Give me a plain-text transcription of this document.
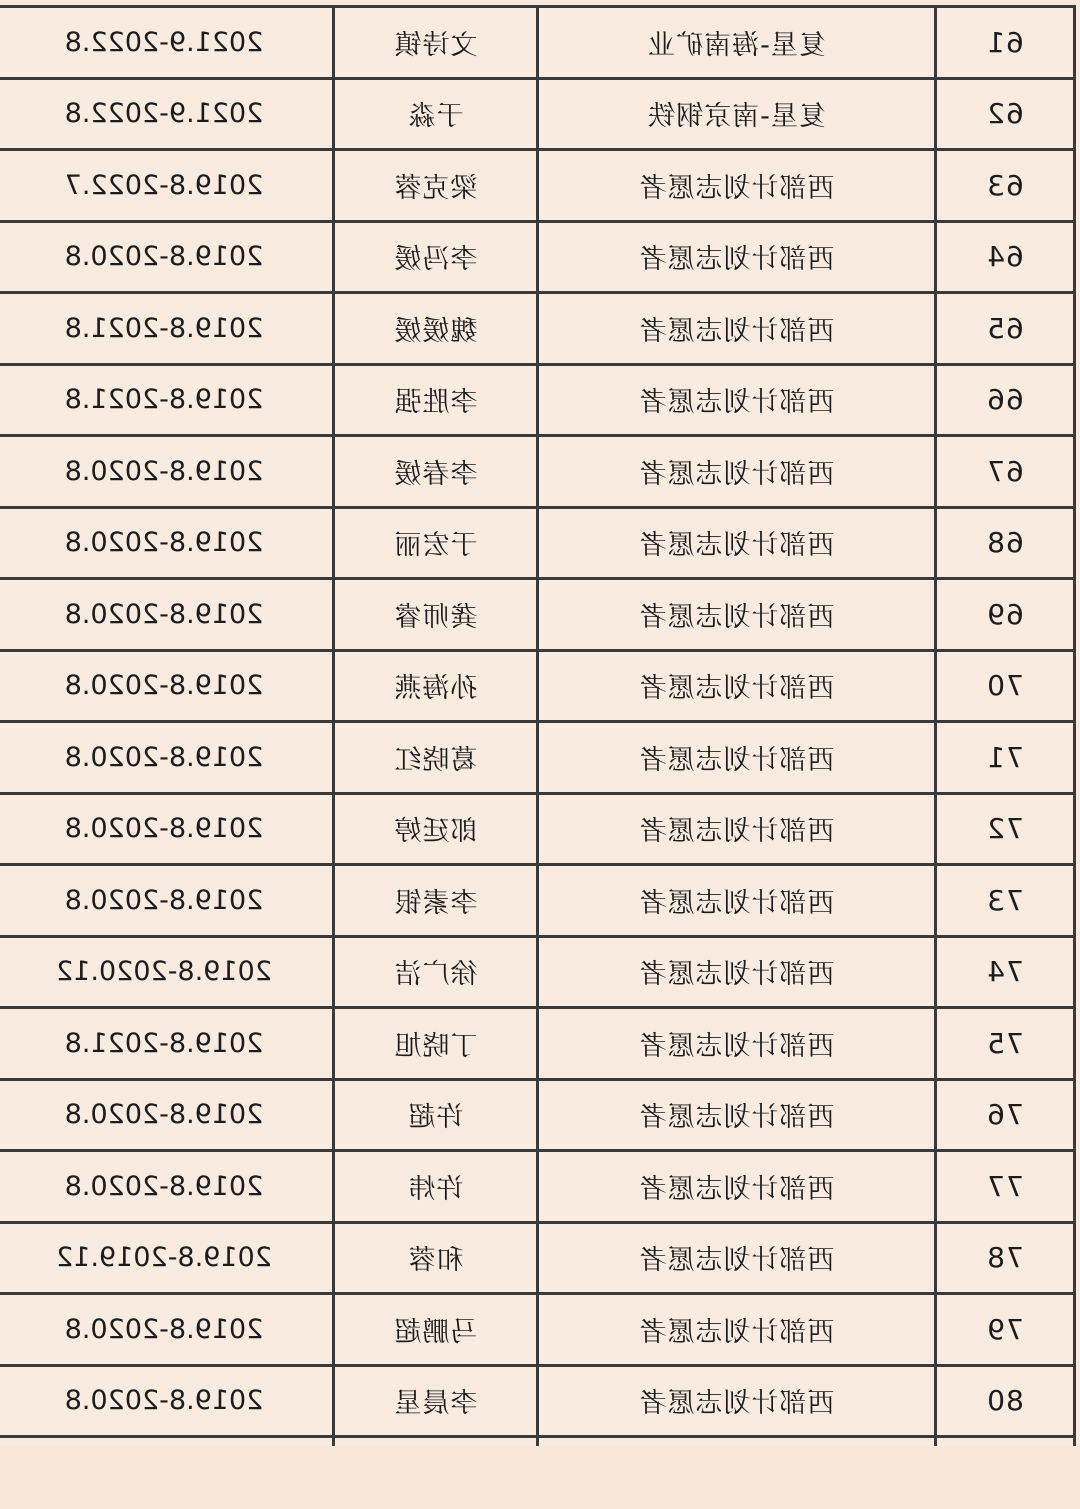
61	复星-海南矿业	文诗镇	2021.9-2022.8
62	复星-南京钢铁	于淼	2021.9-2022.8
63	西部计划志愿者	梁克蓉	2019.8-2022.7
64	西部计划志愿者	李冯媛	2019.8-2020.8
65	西部计划志愿者	魏媛媛	2019.8-2021.8
66	西部计划志愿者	李胜强	2019.8-2021.8
67	西部计划志愿者	李春媛	2019.8-2020.8
68	西部计划志愿者	于宏丽	2019.8-2020.8
69	西部计划志愿者	龚师睿	2019.8-2020.8
70	西部计划志愿者	孙海燕	2019.8-2020.8
71	西部计划志愿者	葛晓红	2019.8-2020.8
72	西部计划志愿者	郎廷婷	2019.8-2020.8
73	西部计划志愿者	李素银	2019.8-2020.8
74	西部计划志愿者	徐广洁	2019.8-2020.12
75	西部计划志愿者	丁晓旭	2019.8-2021.8
76	西部计划志愿者	许超	2019.8-2020.8
77	西部计划志愿者	许炜	2019.8-2020.8
78	西部计划志愿者	和蓉	2019.8-2019.12
79	西部计划志愿者	马鹏超	2019.8-2020.8
80	西部计划志愿者	李晨星	2019.8-2020.8
